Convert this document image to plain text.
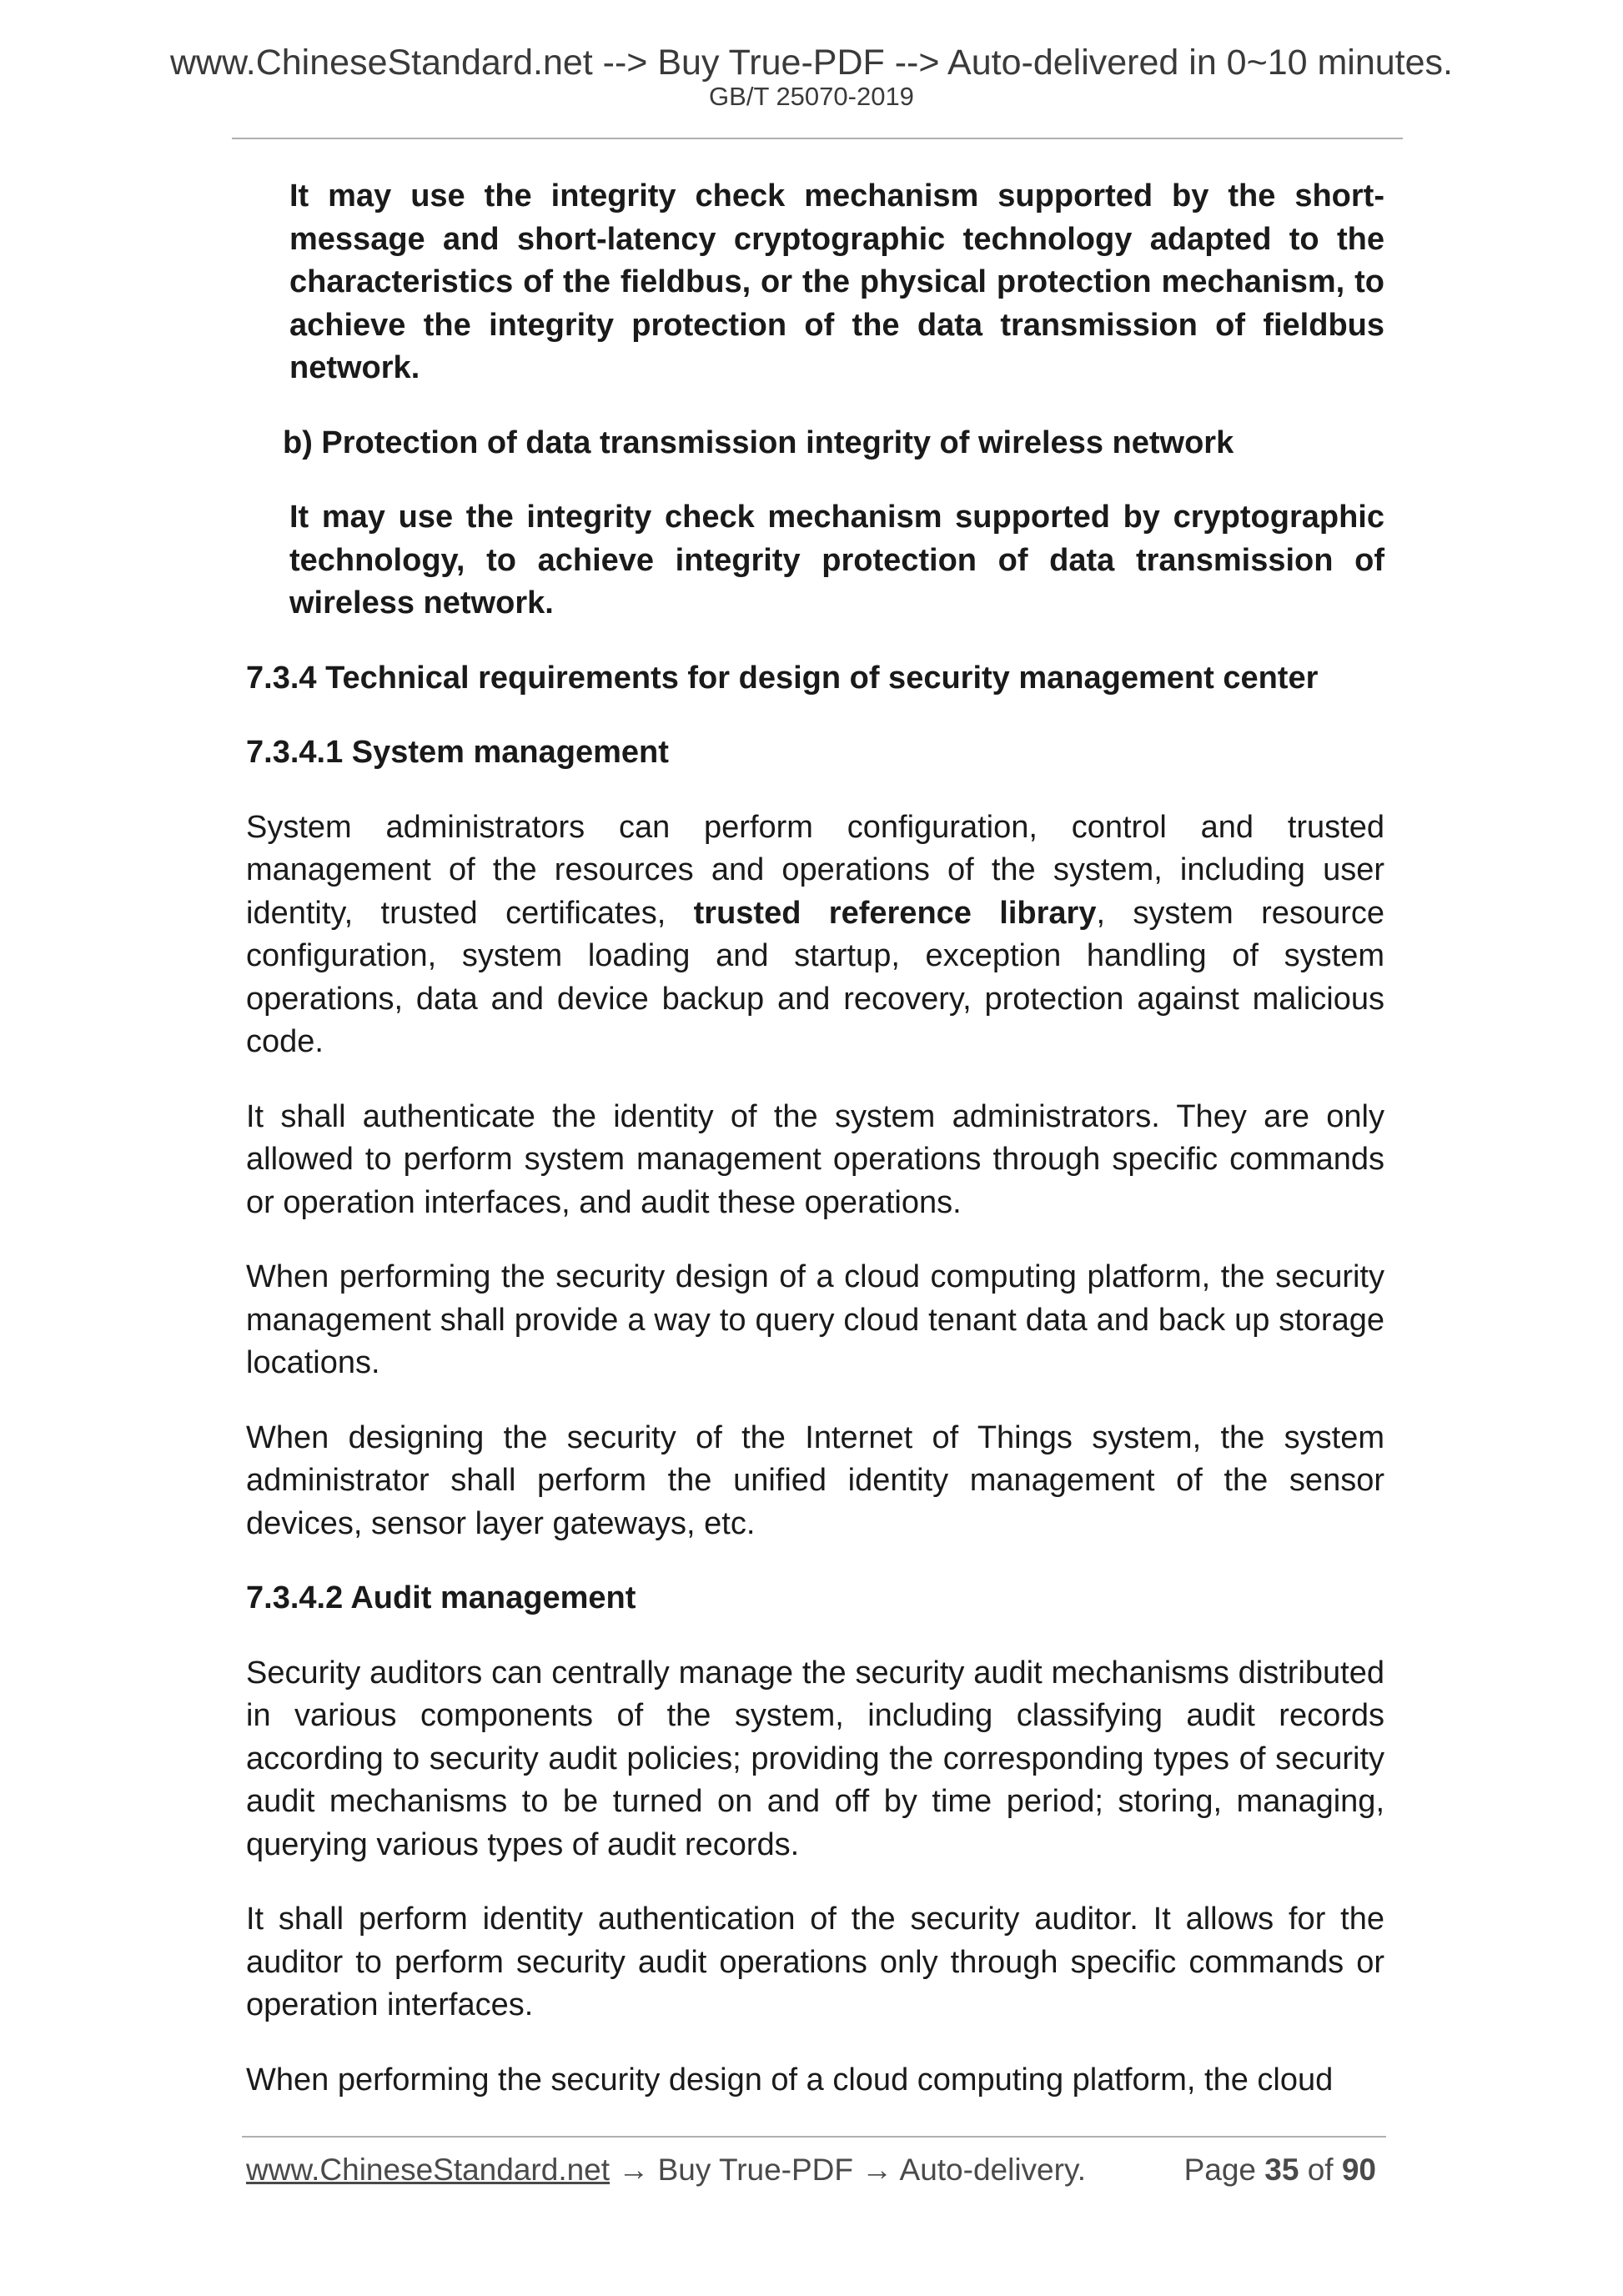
www.ChineseStandard.net --> Buy True-PDF --> Auto-delivered in 0~10 minutes.
GB/T 25070-2019

It may use the integrity check mechanism supported by the short-message and short-latency cryptographic technology adapted to the characteristics of the fieldbus, or the physical protection mechanism, to achieve the integrity protection of the data transmission of fieldbus network.

b) Protection of data transmission integrity of wireless network

It may use the integrity check mechanism supported by cryptographic technology, to achieve integrity protection of data transmission of wireless network.

7.3.4 Technical requirements for design of security management center

7.3.4.1 System management

System administrators can perform configuration, control and trusted management of the resources and operations of the system, including user identity, trusted certificates, trusted reference library, system resource configuration, system loading and startup, exception handling of system operations, data and device backup and recovery, protection against malicious code.

It shall authenticate the identity of the system administrators. They are only allowed to perform system management operations through specific commands or operation interfaces, and audit these operations.

When performing the security design of a cloud computing platform, the security management shall provide a way to query cloud tenant data and back up storage locations.

When designing the security of the Internet of Things system, the system administrator shall perform the unified identity management of the sensor devices, sensor layer gateways, etc.

7.3.4.2 Audit management

Security auditors can centrally manage the security audit mechanisms distributed in various components of the system, including classifying audit records according to security audit policies; providing the corresponding types of security audit mechanisms to be turned on and off by time period; storing, managing, querying various types of audit records.

It shall perform identity authentication of the security auditor. It allows for the auditor to perform security audit operations only through specific commands or operation interfaces.

When performing the security design of a cloud computing platform, the cloud

www.ChineseStandard.net → Buy True-PDF → Auto-delivery.	Page 35 of 90
